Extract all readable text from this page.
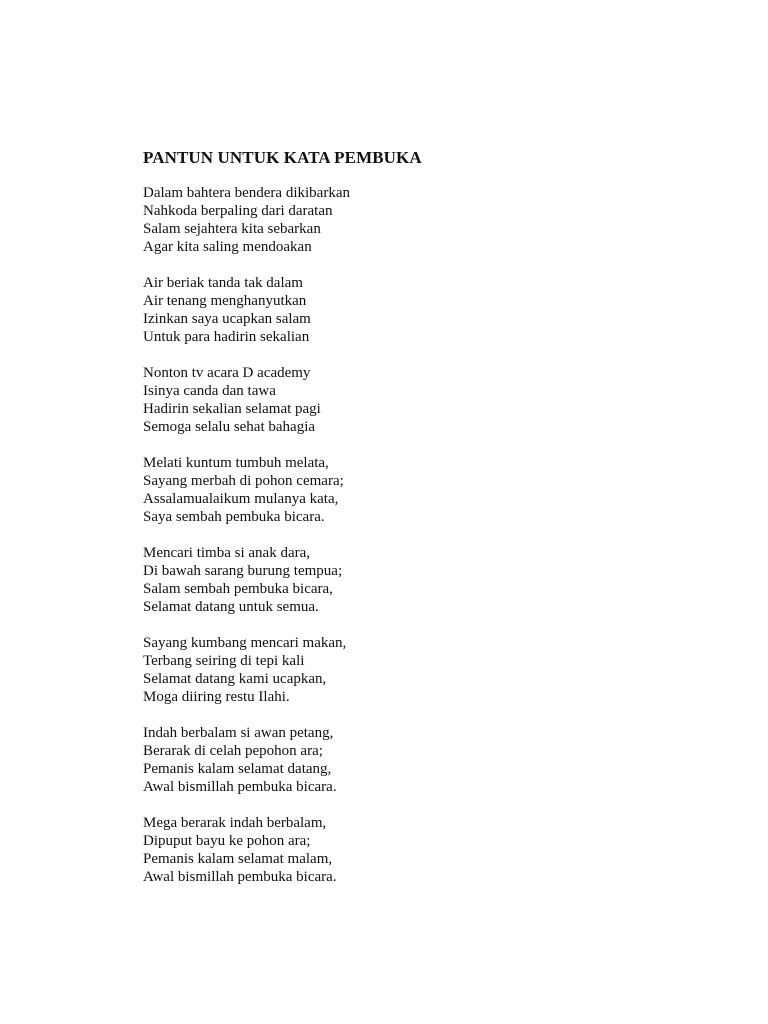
PANTUN UNTUK KATA PEMBUKA
Dalam bahtera bendera dikibarkan
Nahkoda berpaling dari daratan
Salam sejahtera kita sebarkan
Agar kita saling mendoakan
Air beriak tanda tak dalam
Air tenang menghanyutkan
Izinkan saya ucapkan salam
Untuk para hadirin sekalian
Nonton tv acara D academy
Isinya canda dan tawa
Hadirin sekalian selamat pagi
Semoga selalu sehat bahagia
Melati kuntum tumbuh melata,
Sayang merbah di pohon cemara;
Assalamualaikum mulanya kata,
Saya sembah pembuka bicara.
Mencari timba si anak dara,
Di bawah sarang burung tempua;
Salam sembah pembuka bicara,
Selamat datang untuk semua.
Sayang kumbang mencari makan,
Terbang seiring di tepi kali
Selamat datang kami ucapkan,
Moga diiring restu Ilahi.
Indah berbalam si awan petang,
Berarak di celah pepohon ara;
Pemanis kalam selamat datang,
Awal bismillah pembuka bicara.
Mega berarak indah berbalam,
Dipuput bayu ke pohon ara;
Pemanis kalam selamat malam,
Awal bismillah pembuka bicara.
